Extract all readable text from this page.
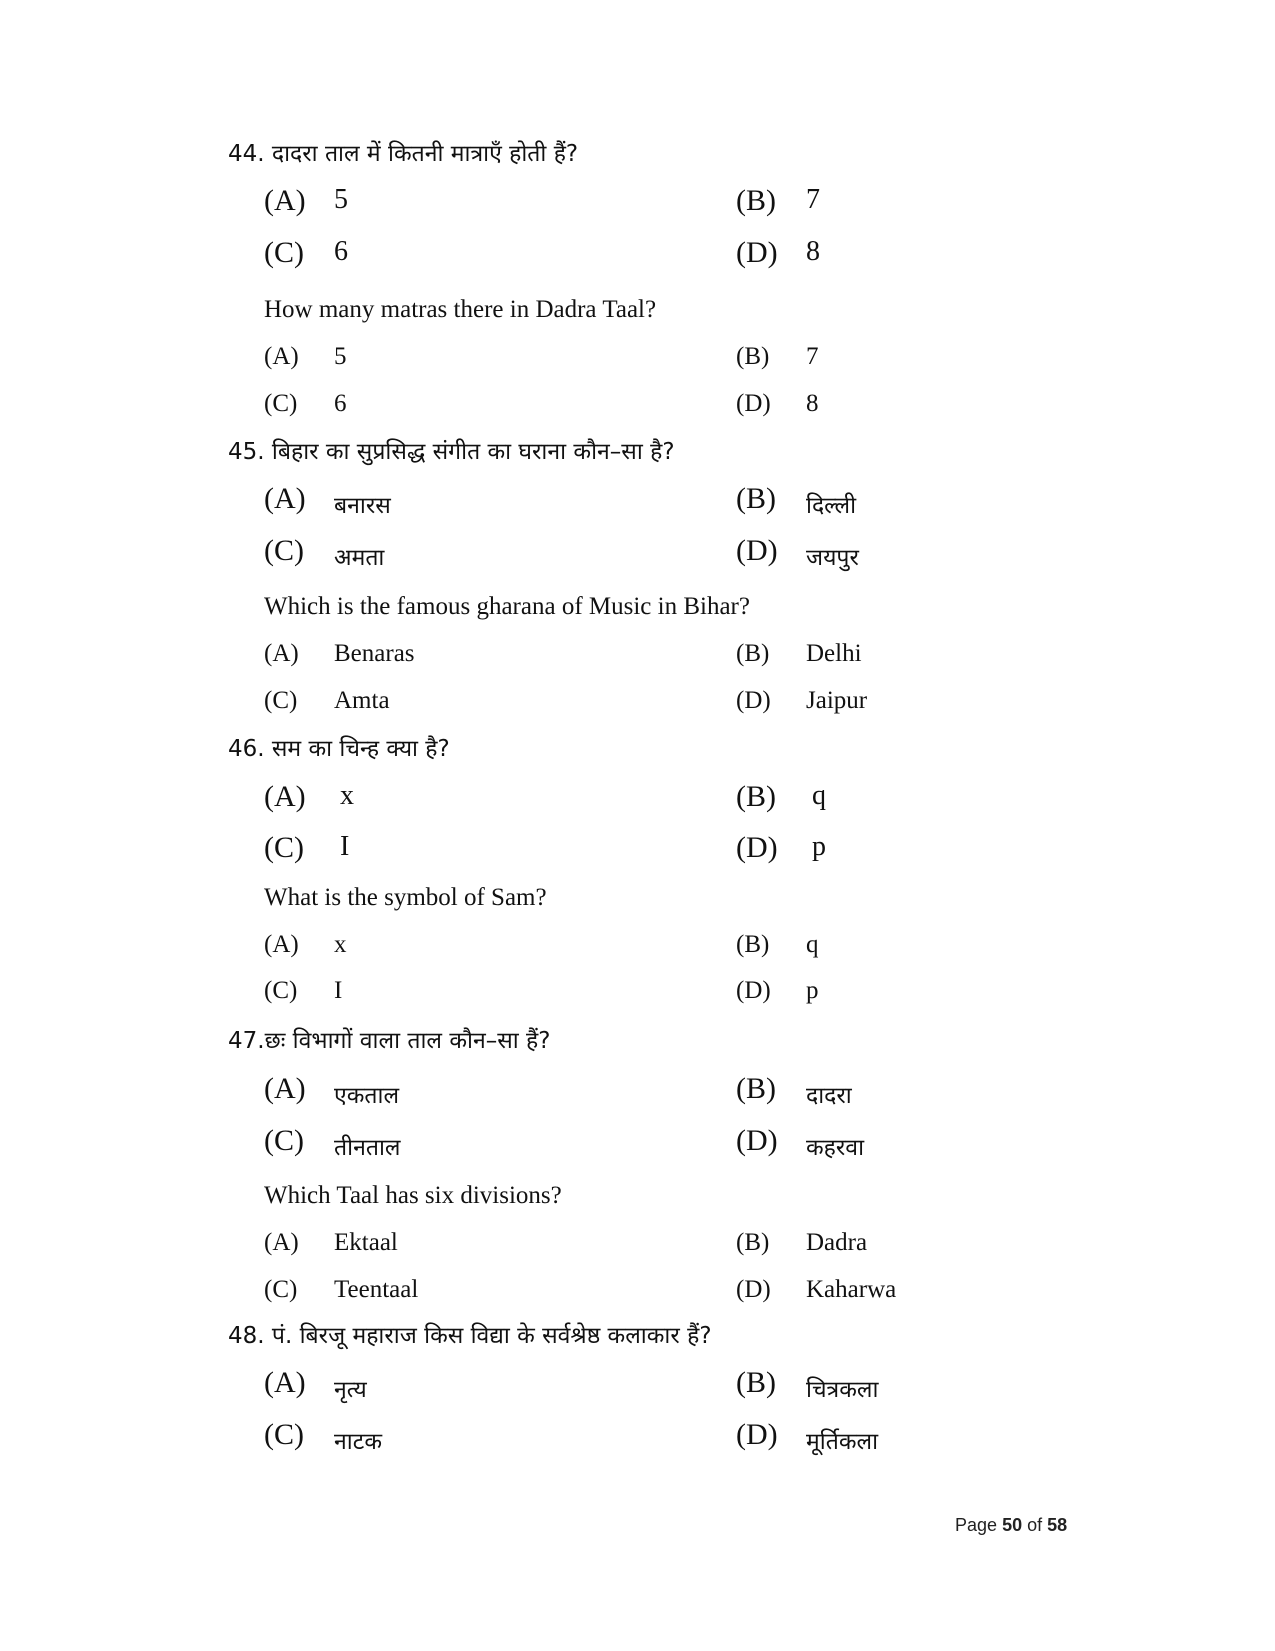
44. दादरा ताल में कितनी मात्राएँ होती हैं?
(A) 5	(B) 7
(C) 6	(D) 8
How many matras there in Dadra Taal?
(A) 5	(B) 7
(C) 6	(D) 8
45. बिहार का सुप्रसिद्ध संगीत का घराना कौन–सा है?
(A) बनारस	(B) दिल्ली
(C) अमता	(D) जयपुर
Which is the famous gharana of Music in Bihar?
(A) Benaras	(B) Delhi
(C) Amta	(D) Jaipur
46. सम का चिन्ह क्या है?
(A) x	(B) q
(C) I	(D) p
What is the symbol of Sam?
(A) x	(B) q
(C) I	(D) p
47.छः विभागों वाला ताल कौन–सा हैं?
(A) एकताल	(B) दादरा
(C) तीनताल	(D) कहरवा
Which Taal has six divisions?
(A) Ektaal	(B) Dadra
(C) Teentaal	(D) Kaharwa
48. पं. बिरजू महाराज किस विद्या के सर्वश्रेष्ठ कलाकार हैं?
(A) नृत्य	(B) चित्रकला
(C) नाटक	(D) मूर्तिकला
Page 50 of 58
